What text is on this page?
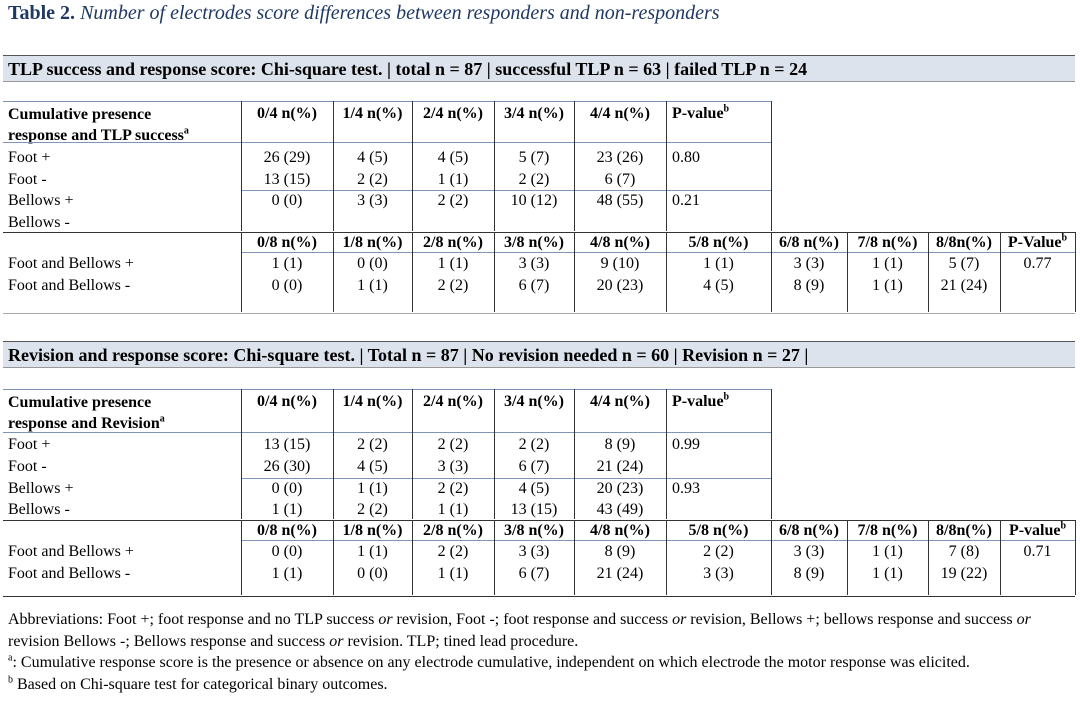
Table 2. Number of electrodes score differences between responders and non-responders
TLP success and response score: Chi-square test. | total n = 87 | successful TLP n = 63 | failed TLP n = 24
Cumulative presence
response and TLP success$^a$
0/4 n(%)	1/4 n(%)	2/4 n(%)	3/4 n(%)	4/4 n(%)	P-value$^b$
Foot +	26 (29)	4 (5)	4 (5)	5 (7)	23 (26)	0.80
Foot -	13 (15)	2 (2)	1 (1)	2 (2)	6 (7)
Bellows +	0 (0)	3 (3)	2 (2)	10 (12)	48 (55)	0.21
Bellows -
0/8 n(%)	1/8 n(%)	2/8 n(%)	3/8 n(%)	4/8 n(%)	5/8 n(%)	6/8 n(%)	7/8 n(%)	8/8n(%) P-Value$^b$
Foot and Bellows +	1 (1)	0 (0)	1 (1)	3 (3)	9 (10)	1 (1)	3 (3)	1 (1)	5 (7)	0.77
Foot and Bellows -	0 (0)	1 (1)	2 (2)	6 (7)	20 (23)	4 (5)	8 (9)	1 (1)	21 (24)
Revision and response score: Chi-square test. | Total n = 87 | No revision needed n = 60 | Revision n = 27 |
Cumulative presence
response and Revision$^a$
0/4 n(%)	1/4 n(%)	2/4 n(%)	3/4 n(%)	4/4 n(%)	P-value$^b$
Foot +	13 (15)	2 (2)	2 (2)	2 (2)	8 (9)	0.99
Foot -	26 (30)	4 (5)	3 (3)	6 (7)	21 (24)
Bellows +	0 (0)	1 (1)	2 (2)	4 (5)	20 (23)	0.93
Bellows -	1 (1)	2 (2)	1 (1)	13 (15)	43 (49)
0/8 n(%)	1/8 n(%)	2/8 n(%)	3/8 n(%)	4/8 n(%)	5/8 n(%)	6/8 n(%)	7/8 n(%)	8/8n(%)	P-value$^b$
Foot and Bellows +	0 (0)	1 (1)	2 (2)	3 (3)	8 (9)	2 (2)	3 (3)	1 (1)	7 (8)	0.71
Foot and Bellows -	1 (1)	0 (0)	1 (1)	6 (7)	21 (24)	3 (3)	8 (9)	1 (1)	19 (22)
Abbreviations: Foot +; foot response and no TLP success or revision, Foot -; foot response and success or revision, Bellows +; bellows response and success or revision Bellows -; Bellows response and success or revision. TLP; tined lead procedure.
$^a$: Cumulative response score is the presence or absence on any electrode cumulative, independent on which electrode the motor response was elicited.
$^b$ Based on Chi-square test for categorical binary outcomes.
